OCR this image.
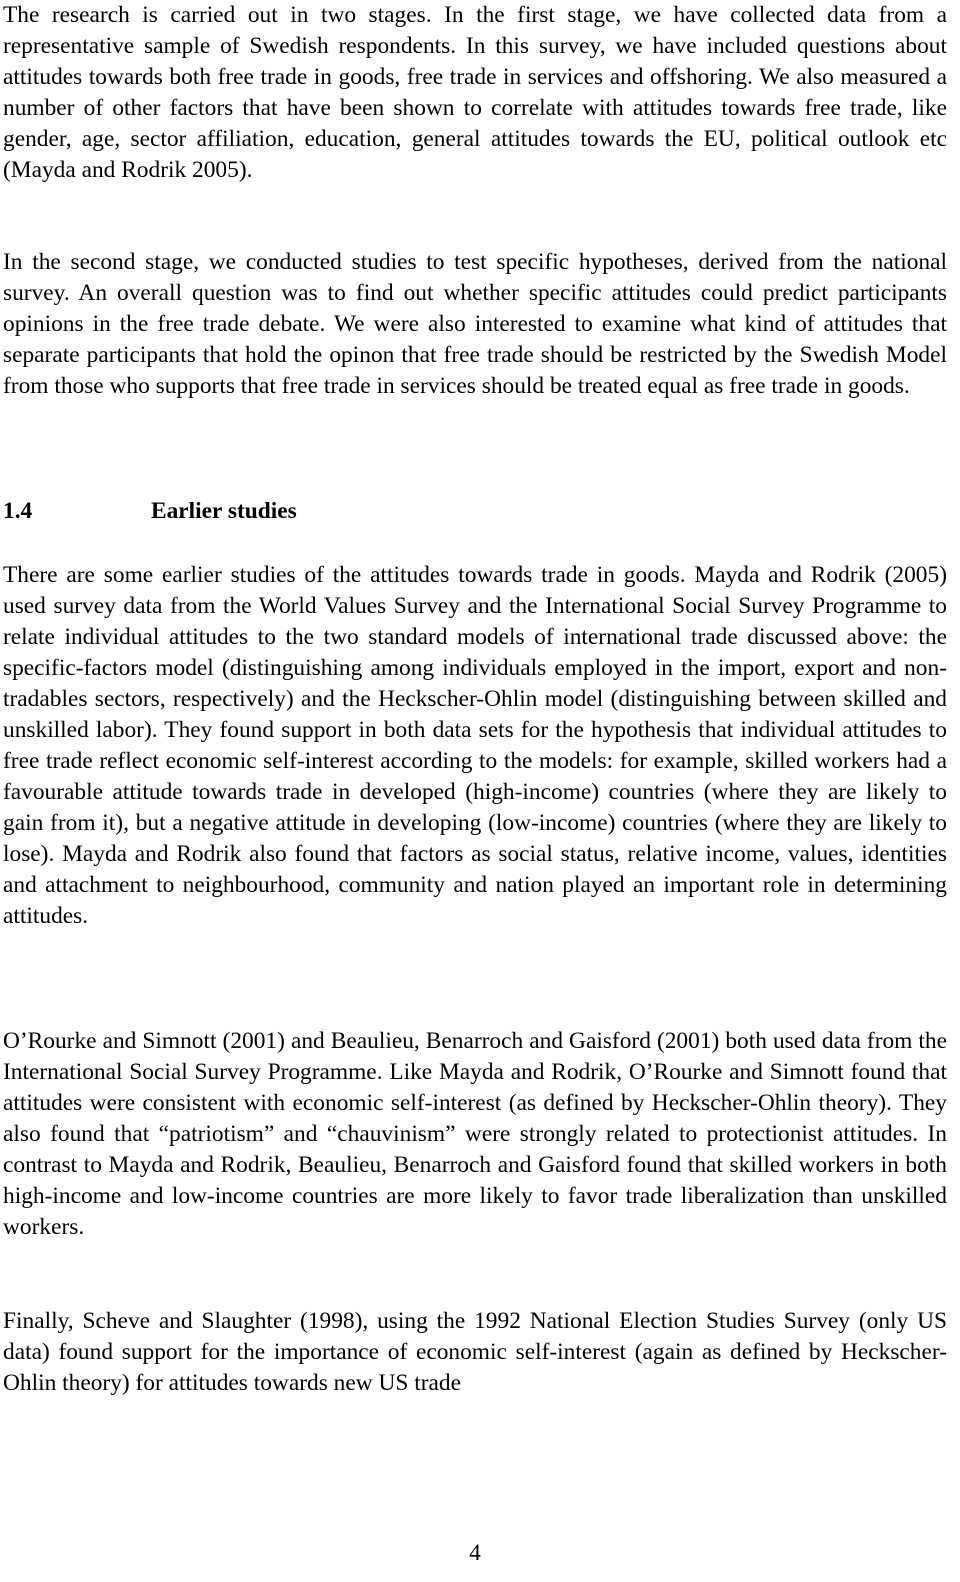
The research is carried out in two stages. In the first stage, we have collected data from a representative sample of Swedish respondents. In this survey, we have included questions about attitudes towards both free trade in goods, free trade in services and offshoring. We also measured a number of other factors that have been shown to correlate with attitudes towards free trade, like gender, age, sector affiliation, education, general attitudes towards the EU, political outlook etc (Mayda and Rodrik 2005).

In the second stage, we conducted studies to test specific hypotheses, derived from the national survey. An overall question was to find out whether specific attitudes could predict participants opinions in the free trade debate. We were also interested to examine what kind of attitudes that separate participants that hold the opinon that free trade should be restricted by the Swedish Model from those who supports that free trade in services should be treated equal as free trade in goods.

1.4	Earlier studies

There are some earlier studies of the attitudes towards trade in goods. Mayda and Rodrik (2005) used survey data from the World Values Survey and the International Social Survey Programme to relate individual attitudes to the two standard models of international trade discussed above: the specific-factors model (distinguishing among individuals employed in the import, export and non-tradables sectors, respectively) and the Heckscher-Ohlin model (distinguishing between skilled and unskilled labor). They found support in both data sets for the hypothesis that individual attitudes to free trade reflect economic self-interest according to the models: for example, skilled workers had a favourable attitude towards trade in developed (high-income) countries (where they are likely to gain from it), but a negative attitude in developing (low-income) countries (where they are likely to lose). Mayda and Rodrik also found that factors as social status, relative income, values, identities and attachment to neighbourhood, community and nation played an important role in determining attitudes.

O’Rourke and Simnott (2001) and Beaulieu, Benarroch and Gaisford (2001) both used data from the International Social Survey Programme. Like Mayda and Rodrik, O’Rourke and Simnott found that attitudes were consistent with economic self-interest (as defined by Heckscher-Ohlin theory). They also found that “patriotism” and “chauvinism” were strongly related to protectionist attitudes. In contrast to Mayda and Rodrik, Beaulieu, Benarroch and Gaisford found that skilled workers in both high-income and low-income countries are more likely to favor trade liberalization than unskilled workers.

Finally, Scheve and Slaughter (1998), using the 1992 National Election Studies Survey (only US data) found support for the importance of economic self-interest (again as defined by Heckscher-Ohlin theory) for attitudes towards new US trade

4
